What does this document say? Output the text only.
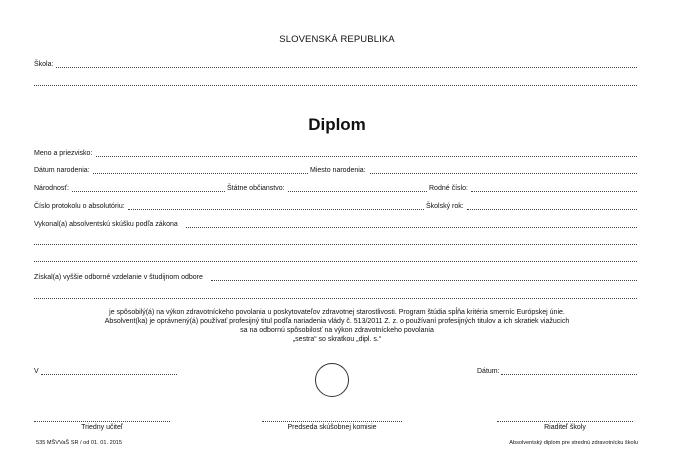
SLOVENSKÁ REPUBLIKA
Škola:
Diplom
Meno a priezvisko:
Dátum narodenia:	Miesto narodenia:
Národnosť:	Štátne občianstvo:	Rodné číslo:
Číslo protokolu o absolutóriu:	Školský rok:
Vykonal(a) absolventskú skúšku podľa zákona
Získal(a) vyššie odborné vzdelanie v študijnom odbore
je spôsobilý(á) na výkon zdravotníckeho povolania u poskytovateľov zdravotnej starostlivosti. Program štúdia spĺňa kritéria smerníc Európskej únie.
Absolvent(ka) je oprávnený(á) používať profesijný titul podľa nariadenia vlády č. 513/2011 Z. z. o používaní profesijných titulov a ich skratiek viažucich
sa na odbornú spôsobilosť na výkon zdravotníckeho povolania
„sestra“ so skratkou „dipl. s.“
V	Dátum:
Triedny učiteľ	Predseda skúšobnej komisie	Riaditeľ školy
535 MŠVVaŠ SR / od 01. 01. 2015	Absolventský diplom pre strednú zdravotnícku školu
